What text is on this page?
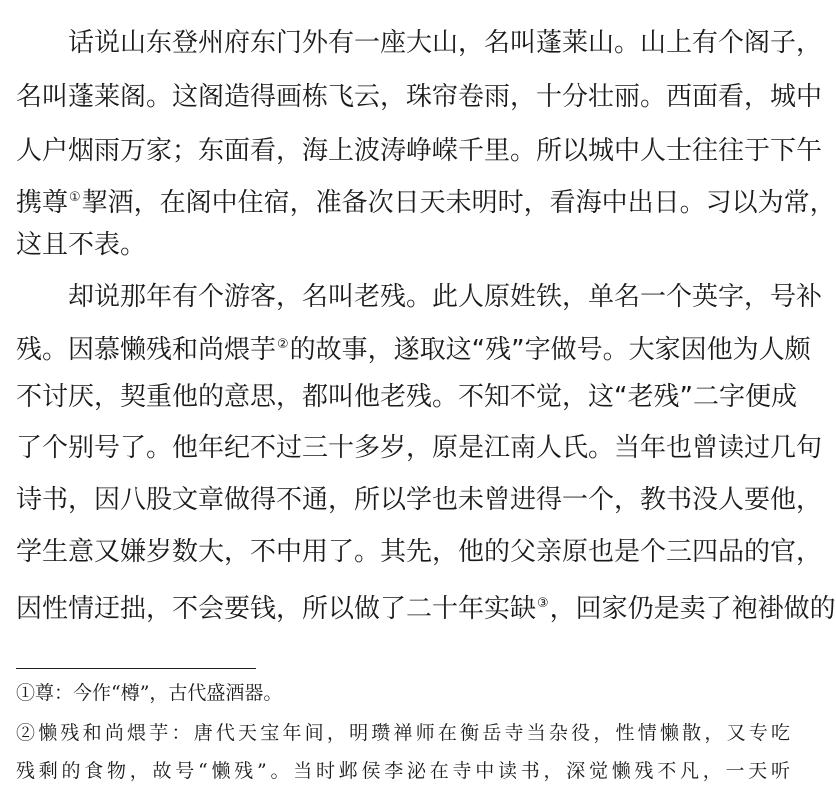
话说山东登州府东门外有一座大山，名叫蓬莱山。山上有个阁子，
名叫蓬莱阁。这阁造得画栋飞云，珠帘卷雨，十分壮丽。西面看，城中
人户烟雨万家；东面看，海上波涛峥嵘千里。所以城中人士往往于下午
携尊①挈酒，在阁中住宿，准备次日天未明时，看海中出日。习以为常，
这且不表。
却说那年有个游客，名叫老残。此人原姓铁，单名一个英字，号补
残。因慕懒残和尚煨芋②的故事，遂取这“残”字做号。大家因他为人颇
不讨厌，契重他的意思，都叫他老残。不知不觉，这“老残”二字便成
了个别号了。他年纪不过三十多岁，原是江南人氏。当年也曾读过几句
诗书，因八股文章做得不通，所以学也未曾进得一个，教书没人要他，
学生意又嫌岁数大，不中用了。其先，他的父亲原也是个三四品的官，
因性情迂拙，不会要钱，所以做了二十年实缺③，回家仍是卖了袍褂做的
①尊：今作“樽”，古代盛酒器。
②懒残和尚煨芋：唐代天宝年间，明瓒禅师在衡岳寺当杂役，性情懒散，又专吃
残剩的食物，故号“懒残”。当时邺侯李泌在寺中读书，深觉懒残不凡，一天听
